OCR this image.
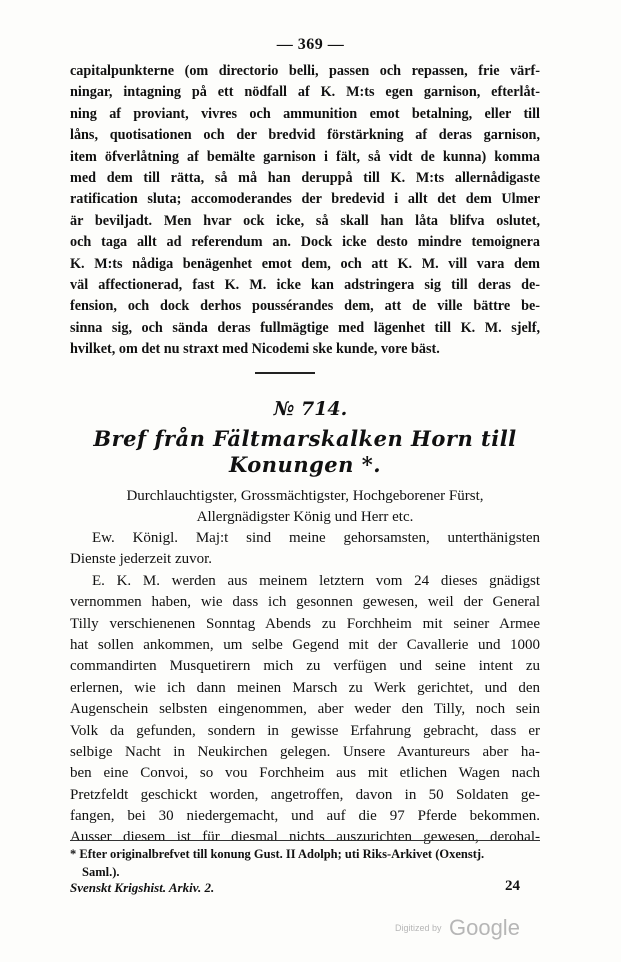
— 369 —
capitalpunkterne (om directorio belli, passen och repassen, frie värf-
ningar, intagning på ett nödfall af K. M:ts egen garnison, efterlåt-
ning af proviant, vivres och ammunition emot betalning, eller till
låns, quotisationen och der bredvid förstärkning af deras garnison,
item öfverlåtning af bemälte garnison i fält, så vidt de kunna) komma
med dem till rätta, så må han deruppå till K. M:ts allernådigaste
ratification sluta; accomoderandes der bredevid i allt det dem Ulmer
är beviljadt. Men hvar ock icke, så skall han låta blifva oslutet,
och taga allt ad referendum an. Dock icke desto mindre temoignera
K. M:ts nådiga benägenhet emot dem, och att K. M. vill vara dem
väl affectionerad, fast K. M. icke kan adstringera sig till deras de-
fension, och dock derhos poussérandes dem, att de ville bättre be-
sinna sig, och sända deras fullmägtige med lägenhet till K. M. sjelf,
hvilket, om det nu straxt med Nicodemi ske kunde, vore bäst.
№ 714.
Bref från Fältmarskalken Horn till
Konungen *.
Durchlauchtigster, Grossmächtigster, Hochgeborener Fürst,
Allergnädigster König und Herr etc.
Ew. Königl. Maj:t sind meine gehorsamsten, unterthänigsten
Dienste jederzeit zuvor.
E. K. M. werden aus meinem letztern vom 24 dieses gnädigst
vernommen haben, wie dass ich gesonnen gewesen, weil der General
Tilly verschienenen Sonntag Abends zu Forchheim mit seiner Armee
hat sollen ankommen, um selbe Gegend mit der Cavallerie und 1000
commandirten Musquetirern mich zu verfügen und seine intent zu
erlernen, wie ich dann meinen Marsch zu Werk gerichtet, und den
Augenschein selbsten eingenommen, aber weder den Tilly, noch sein
Volk da gefunden, sondern in gewisse Erfahrung gebracht, dass er
selbige Nacht in Neukirchen gelegen. Unsere Avantureurs aber ha-
ben eine Convoi, so vou Forchheim aus mit etlichen Wagen nach
Pretzfeldt geschickt worden, angetroffen, davon in 50 Soldaten ge-
fangen, bei 30 niedergemacht, und auf die 97 Pferde bekommen.
Ausser diesem ist für diesmal nichts auszurichten gewesen, derohal-
* Efter originalbrefvet till konung Gust. II Adolph; uti Riks-Arkivet (Oxenstj.
Saml.).
Svenskt Krigshist. Arkiv. 2.	24
Digitized by Google
